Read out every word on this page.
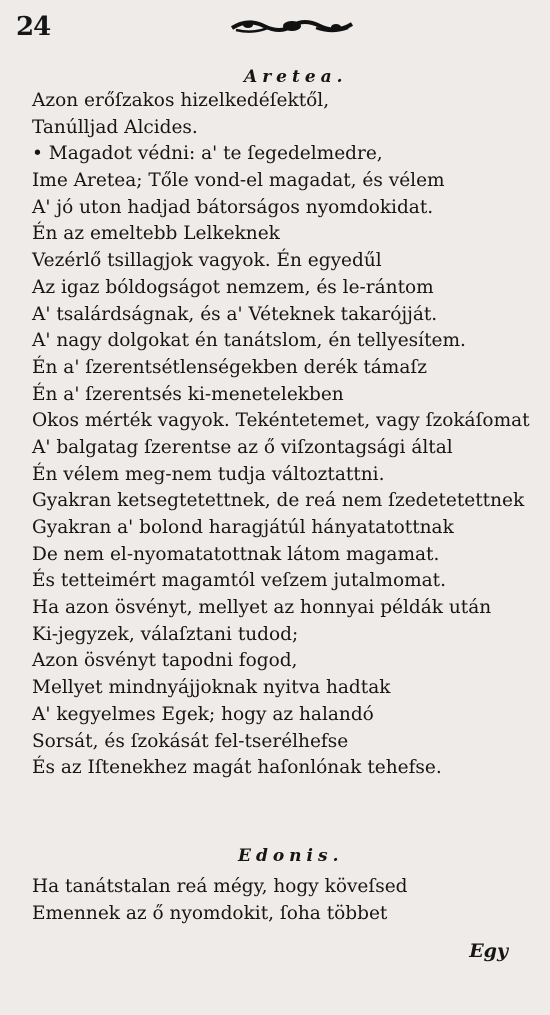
24
Aretea.
Azon erőſzakos hizelkedéſektől,
Tanúlljad Alcides.
• Magadot védni: a' te ſegedelmedre,
Ime Aretea; Tőle vond-el magadat, és vélem
A' jó uton hadjad bátorságos nyomdokidat.
Én az emeltebb Lelkeknek
Vezérlő tsillagjok vagyok. Én egyedűl
Az igaz bóldogságot nemzem, és le-rántom
A' tsalárdságnak, és a' Véteknek takarójját.
A' nagy dolgokat én tanátslom, én tellyesítem.
Én a' ſzerentsétlenségekben derék támaſz
Én a' ſzerentsés ki-menetelekben
Okos mérték vagyok. Tekéntetemet, vagy ſzokáſomat
A' balgatag ſzerentse az ő viſzontagsági által
Én vélem meg-nem tudja változtattni.
Gyakran ketsegtetettnek, de reá nem ſzedetetettnek
Gyakran a' bolond haragjátúl hányatatottnak
De nem el-nyomatatottnak látom magamat.
És tetteimért magamtól veſzem jutalmomat.
Ha azon ösvényt, mellyet az honnyai példák után
Ki-jegyzek, válaſztani tudod;
Azon ösvényt tapodni fogod,
Mellyet mindnyájjoknak nyitva hadtak
A' kegyelmes Egek; hogy az halandó
Sorsát, és ſzokását fel-tserélhefse
És az Iſtenekhez magát haſonlónak tehefse.
Edonis.
Ha tanátstalan reá mégy, hogy köveſsed
Emennek az ő nyomdokit, ſoha többet
Egy
